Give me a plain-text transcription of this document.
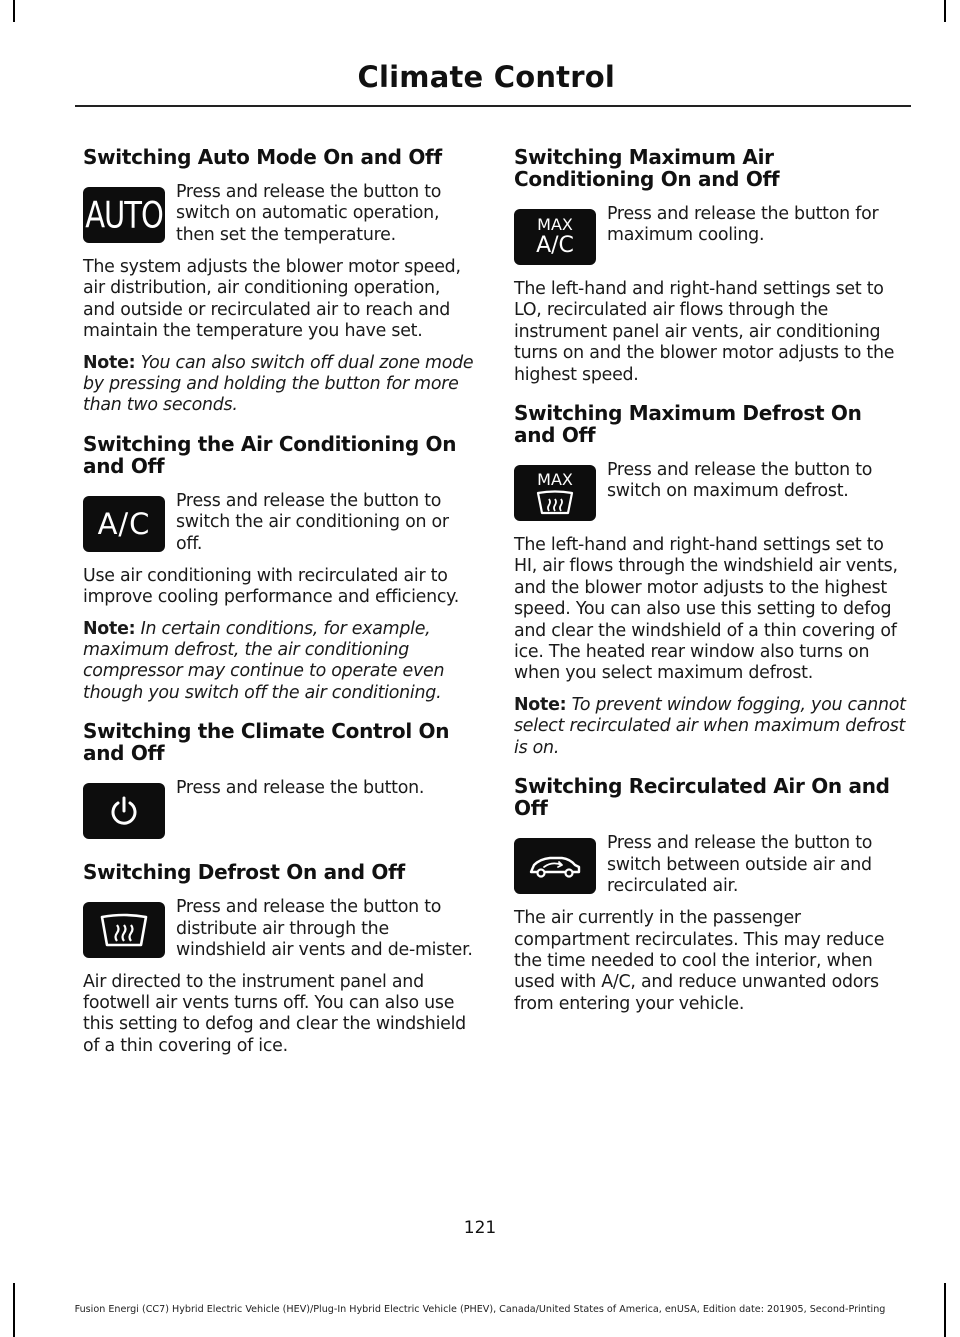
Climate Control
Switching Auto Mode On and Off
AUTO

Press and release the button to switch on automatic operation, then set the temperature.

The system adjusts the blower motor speed, air distribution, air conditioning operation, and outside or recirculated air to reach and maintain the temperature you have set.

Note: You can also switch off dual zone mode by pressing and holding the button for more than two seconds.

Switching the Air Conditioning On and Off
A/C

Press and release the button to switch the air conditioning on or off.

Use air conditioning with recirculated air to improve cooling performance and efficiency.

Note: In certain conditions, for example, maximum defrost, the air conditioning compressor may continue to operate even though you switch off the air conditioning.

Switching the Climate Control On and Off

Press and release the button.

Switching Defrost On and Off

Press and release the button to distribute air through the windshield air vents and de-mister.

Air directed to the instrument panel and footwell air vents turns off. You can also use this setting to defog and clear the windshield of a thin covering of ice.

Switching Maximum Air Conditioning On and Off
MAX
A/C

Press and release the button for maximum cooling.

The left-hand and right-hand settings set to LO, recirculated air flows through the instrument panel air vents, air conditioning turns on and the blower motor adjusts to the highest speed.

Switching Maximum Defrost On and Off
MAX	Press and release the button to switch on maximum defrost.

The left-hand and right-hand settings set to HI, air flows through the windshield air vents, and the blower motor adjusts to the highest speed. You can also use this setting to defog and clear the windshield of a thin covering of ice. The heated rear window also turns on when you select maximum defrost.

Note: To prevent window fogging, you cannot select recirculated air when maximum defrost is on.

Switching Recirculated Air On and Off

Press and release the button to switch between outside air and recirculated air.

The air currently in the passenger compartment recirculates. This may reduce the time needed to cool the interior, when used with A/C, and reduce unwanted odors from entering your vehicle.

121
Fusion Energi (CC7) Hybrid Electric Vehicle (HEV)/Plug-In Hybrid Electric Vehicle (PHEV), Canada/United States of America, enUSA, Edition date: 201905, Second-Printing
